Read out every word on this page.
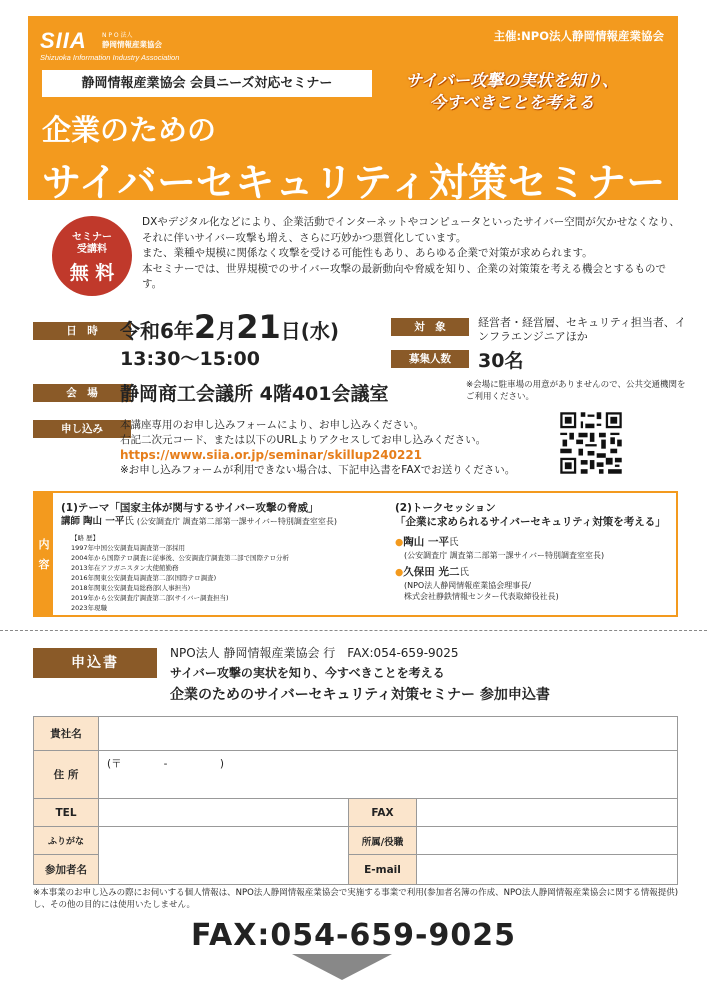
SIIA	N P O 法人
静岡情報産業協会
Shizuoka Information Industry Association
主催:NPO法人静岡情報産業協会
静岡情報産業協会 会員ニーズ対応セミナー	サイバー攻撃の実状を知り、
今すべきことを考える
企業のための
サイバーセキュリティ対策セミナー
セミナー
受講料
無 料

DXやデジタル化などにより、企業活動でインターネットやコンピュータといったサイバー空間が欠かせなくなり、それに伴いサイバー攻撃も増え、さらに巧妙かつ悪質化しています。

また、業種や規模に関係なく攻撃を受ける可能性もあり、あらゆる企業で対策が求められます。

本セミナーでは、世界規模でのサイバー攻撃の最新動向や脅威を知り、企業の対策策を考える機会とするものです。

日　時	令和6年2月21日(水)
13:30〜15:00
対　象	経営者・経営層、セキュリティ担当者、インフラエンジニアほか
募集人数	30名
会　場	静岡商工会議所 4階401会議室	※会場に駐車場の用意がありませんので、公共交通機関をご利用ください。
申し込み	本講座専用のお申し込みフォームにより、お申し込みください。
右記二次元コード、または以下のURLよりアクセスしてお申し込みください。
https://www.siia.or.jp/seminar/skillup240221
※お申し込みフォームが利用できない場合は、下記申込書をFAXでお送りください。
内容
(1)テーマ「国家主体が関与するサイバー攻撃の脅威」
講師 陶山 一平氏 (公安調査庁 調査第二部第一課サイバー特別調査室室長)
【略 歴】
1997年中国公安調査局調査第一部採用
2004年から国際テロ調査に従事後、公安調査庁調査第二部で国際テロ分析
2013年在アフガニスタン大使館勤務
2016年関東公安調査局調査第二部(国際テロ調査)
2018年関東公安調査局総務部(人事担当)
2019年から公安調査庁調査第二部(サイバー調査担当)
2023年現職
(2)トークセッション
「企業に求められるサイバーセキュリティ対策を考える」
●陶山 一平氏
(公安調査庁 調査第二部第一課サイバー特別調査室室長)
●久保田 光二氏
(NPO法人静岡情報産業協会理事長/
株式会社静鉄情報センター代表取締役社長)
申込書
NPO法人 静岡情報産業協会 行　FAX:054-659-9025
サイバー攻撃の実状を知り、今すべきことを考える
企業のためのサイバーセキュリティ対策セミナー 参加申込書
貴社名			
住 所	(〒　　　　-　　　　　)		
TEL		FAX	
ふりがな		所属/役職	
参加者名		E-mail	
※本事業のお申し込みの際にお伺いする個人情報は、NPO法人静岡情報産業協会で実施する事業で利用(参加者名簿の作成、NPO法人静岡情報産業協会に関する情報提供)し、その他の目的には使用いたしません。
FAX:054-659-9025
